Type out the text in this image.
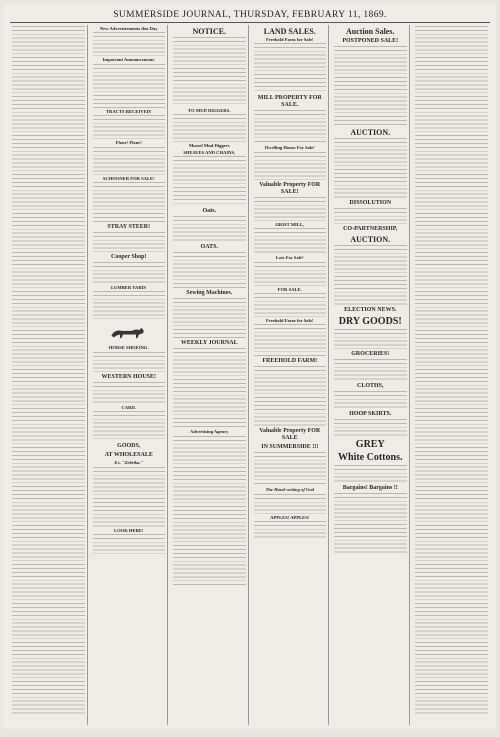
SUMMERSIDE JOURNAL, THURSDAY, FEBRUARY 11, 1869.
New Advertisements this Day
Important Announcement.
TRACTS RECEIVED!
Flour! Flour!
SCHOONER FOR SALE!
STRAY STEER!
Cooper Shop!
LUMBER YARD!
HORSE SHOEING.
WESTERN HOUSE!
CARD.
GOODS,
AT WHOLESALE
Ex. "Zebrika."
LOOK HERE!
NOTICE.
TO MUD DIGGERS.
Mussel Mud Diggers
SHEAVES AND CHAINS,
Oats.
OATS.
Sewing Machines.
WEEKLY JOURNAL
Advertising Agency
LAND SALES.
Freehold Farm for Sale!
MILL PROPERTY FOR SALE.
Dwelling House For Sale!
Valuable Property FOR SALE!
GRIST MILL,
Lots For Sale!
FOR SALE.
Freehold Farm for Sale!
FREEHOLD FARM!
Valuable Property FOR SALE
IN SUMMERSIDE !!!
The Hand-writing of God
APPLES! APPLES!
Auction Sales.
POSTPONED SALE!
AUCTION.
DISSOLUTION
CO-PARTNERSHIP,
AUCTION.
ELECTION NEWS.
DRY GOODS!
GROCERIES!
CLOTHS,
HOOP SKIRTS.
GREY
White Cottons.
Bargains! Bargains !!
